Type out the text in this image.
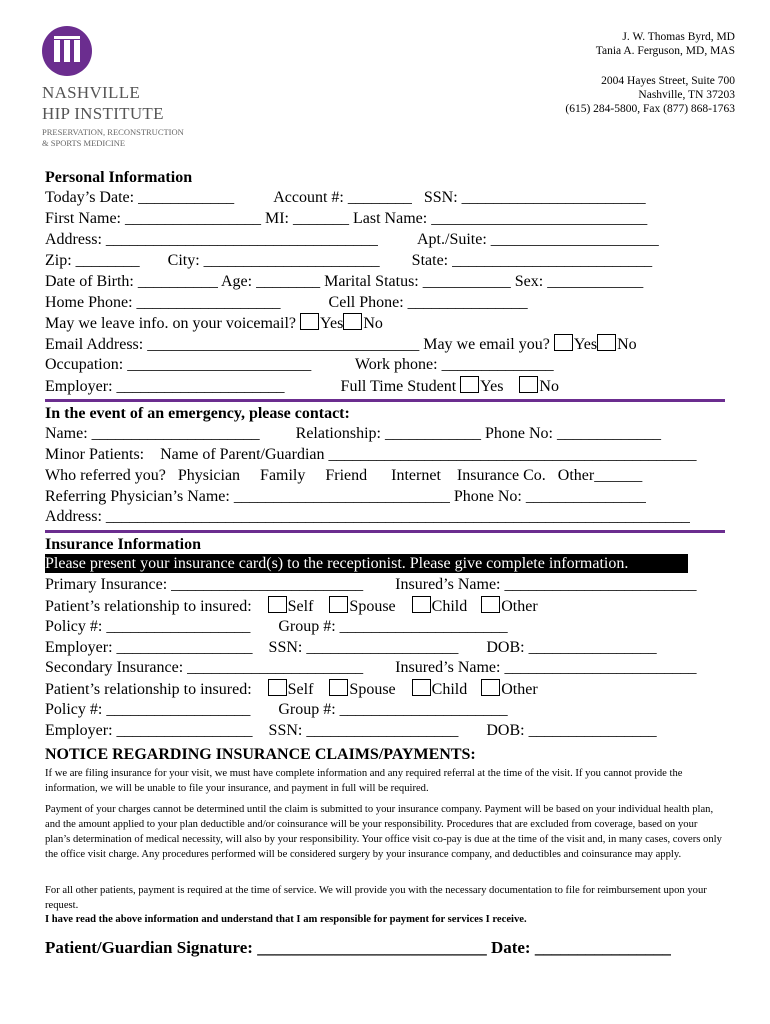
NASHVILLE
HIP INSTITUTE
PRESERVATION, RECONSTRUCTION
& SPORTS MEDICINE
J. W. Thomas Byrd, MD
Tania A. Ferguson, MD, MAS
2004 Hayes Street, Suite 700
Nashville, TN 37203
(615) 284-5800, Fax (877) 868-1763
Personal Information
Today’s Date: ____________          Account #: ________   SSN: _______________________
First Name: _________________ MI: _______ Last Name: ___________________________
Address: __________________________________          Apt./Suite: _____________________
Zip: ________       City: ______________________        State: _________________________
Date of Birth: __________ Age: ________ Marital Status: ___________ Sex: ____________
Home Phone: __________________            Cell Phone: _______________
May we leave info. on your voicemail? Yes No
Email Address: __________________________________ May we email you? Yes No
Occupation: _______________________           Work phone: ______________
Employer: _____________________              Full Time Student Yes No
In the event of an emergency, please contact:
Name: _____________________         Relationship: ____________ Phone No: _____________
Minor Patients:    Name of Parent/Guardian ______________________________________________
Who referred you?   Physician     Family     Friend      Internet    Insurance Co.   Other______
Referring Physician’s Name: ___________________________ Phone No: _______________
Address: _________________________________________________________________________
Insurance Information
Please present your insurance card(s) to the receptionist. Please give complete information.
Primary Insurance: ________________________        Insured’s Name: ________________________
Patient’s relationship to insured:    Self Spouse Child Other
Policy #: __________________       Group #: _____________________
Employer: _________________    SSN: ___________________       DOB: ________________
Secondary Insurance: ______________________        Insured’s Name: ________________________
Patient’s relationship to insured:    Self Spouse Child Other
Policy #: __________________       Group #: _____________________
Employer: _________________    SSN: ___________________       DOB: ________________
NOTICE REGARDING INSURANCE CLAIMS/PAYMENTS:
If we are filing insurance for your visit, we must have complete information and any required referral at the time of the visit. If you cannot provide the information, we will be unable to file your insurance, and payment in full will be required.
Payment of your charges cannot be determined until the claim is submitted to your insurance company. Payment will be based on your individual health plan, and the amount applied to your plan deductible and/or coinsurance will be your responsibility. Procedures that are excluded from coverage, based on your plan’s determination of medical necessity, will also by your responsibility. Your office visit co-pay is due at the time of the visit and, in many cases, covers only the office visit charge. Any procedures performed will be considered surgery by your insurance company, and deductibles and coinsurance may apply.
For all other patients, payment is required at the time of service. We will provide you with the necessary documentation to file for reimbursement upon your request.
I have read the above information and understand that I am responsible for payment for services I receive.
Patient/Guardian Signature: ___________________________ Date: ________________
